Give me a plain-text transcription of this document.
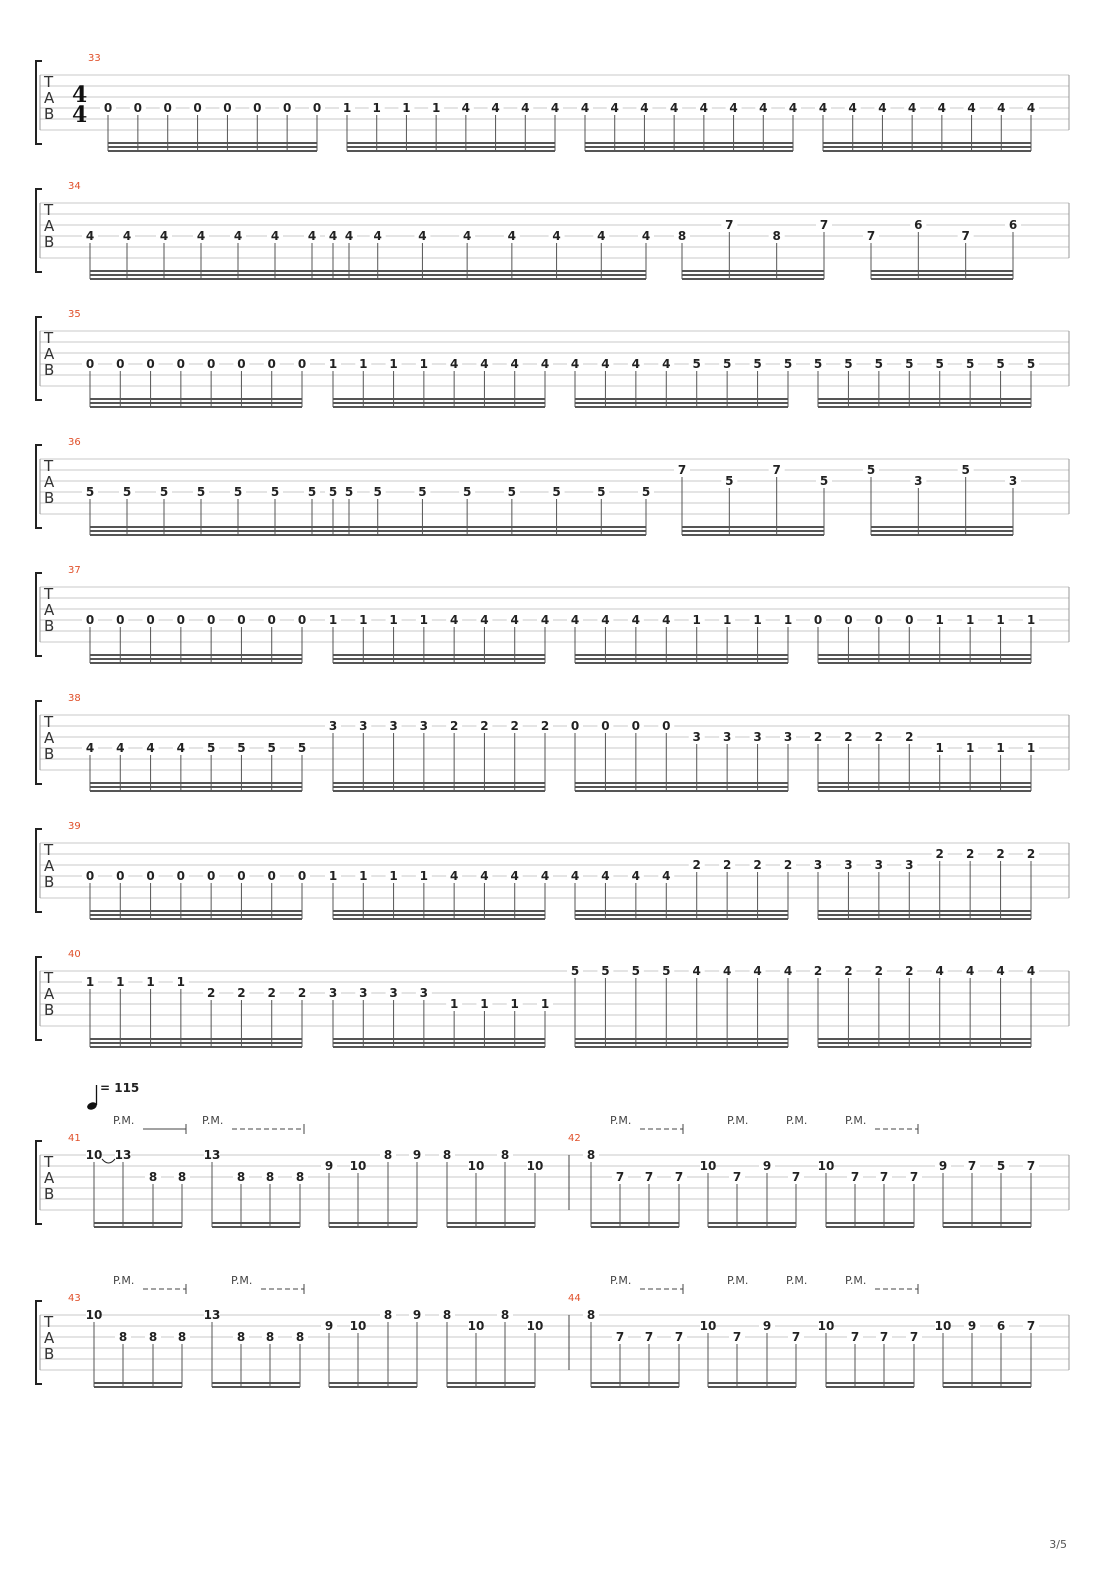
T
A
B
33
4
4 0 0 0 0 0 0 0 0 1 1 1 1 4 4 4 4 4 4 4 4 4 4 4 4 4 4 4 4 4 4 4 4
T
A
B
34
4 4 4 4 4 4 4 4
4	4	4	4	4	4	4	4 8
7
8
7
7
6
7
6
T
A
B
35
0 0 0 0 0 0 0 0 1 1 1 1 4 4 4 4 4 4 4 4 5 5 5 5 5 5 5 5 5 5 5 5
T
A
B
36
5 5 5 5 5 5 5 5
5	5	5	5	5	5	5	5
7
5
7
5
5
3
5
3
T
A
B
37
0 0 0 0 0 0 0 0 1 1 1 1 4 4 4 4 4 4 4 4 1 1 1 1 0 0 0 0 1 1 1 1
T
A
B
38
4 4 4 4 5 5 5 5
3 3 3 3 2 2 2 2 0 0 0 0
3 3 3 3 2 2 2 2
1 1 1 1
T
A
B
39
0 0 0 0 0 0 0 0 1 1 1 1 4 4 4 4 4 4 4 4
2 2 2 2 3 3 3 3
2 2 2 2
T
A
B
40
1 1 1 1
2 2 2 2 3 3 3 3
1 1 1 1
5 5 5 5 4 4 4 4 2 2 2 2 4 4 4 4
T
A
B
41
10 13
8 8
13
8 8 8
9 10
8 9 8
10
8
10
42
8
7 7 7
10
7
9
7
10
7 7 7
9 7 5 7
T
A
B
43
10
8 8 8
13
8 8 8
9 10
8 9 8
10
8
10
44
8
7 7 7
10
7
9
7
10
7 7 7
10 9 6 7
= 115
P.M.	P.M.	P.M.	P.M.	P.M.	P.M.
P.M.	P.M.	P.M.	P.M.	P.M.	P.M.
3/5
